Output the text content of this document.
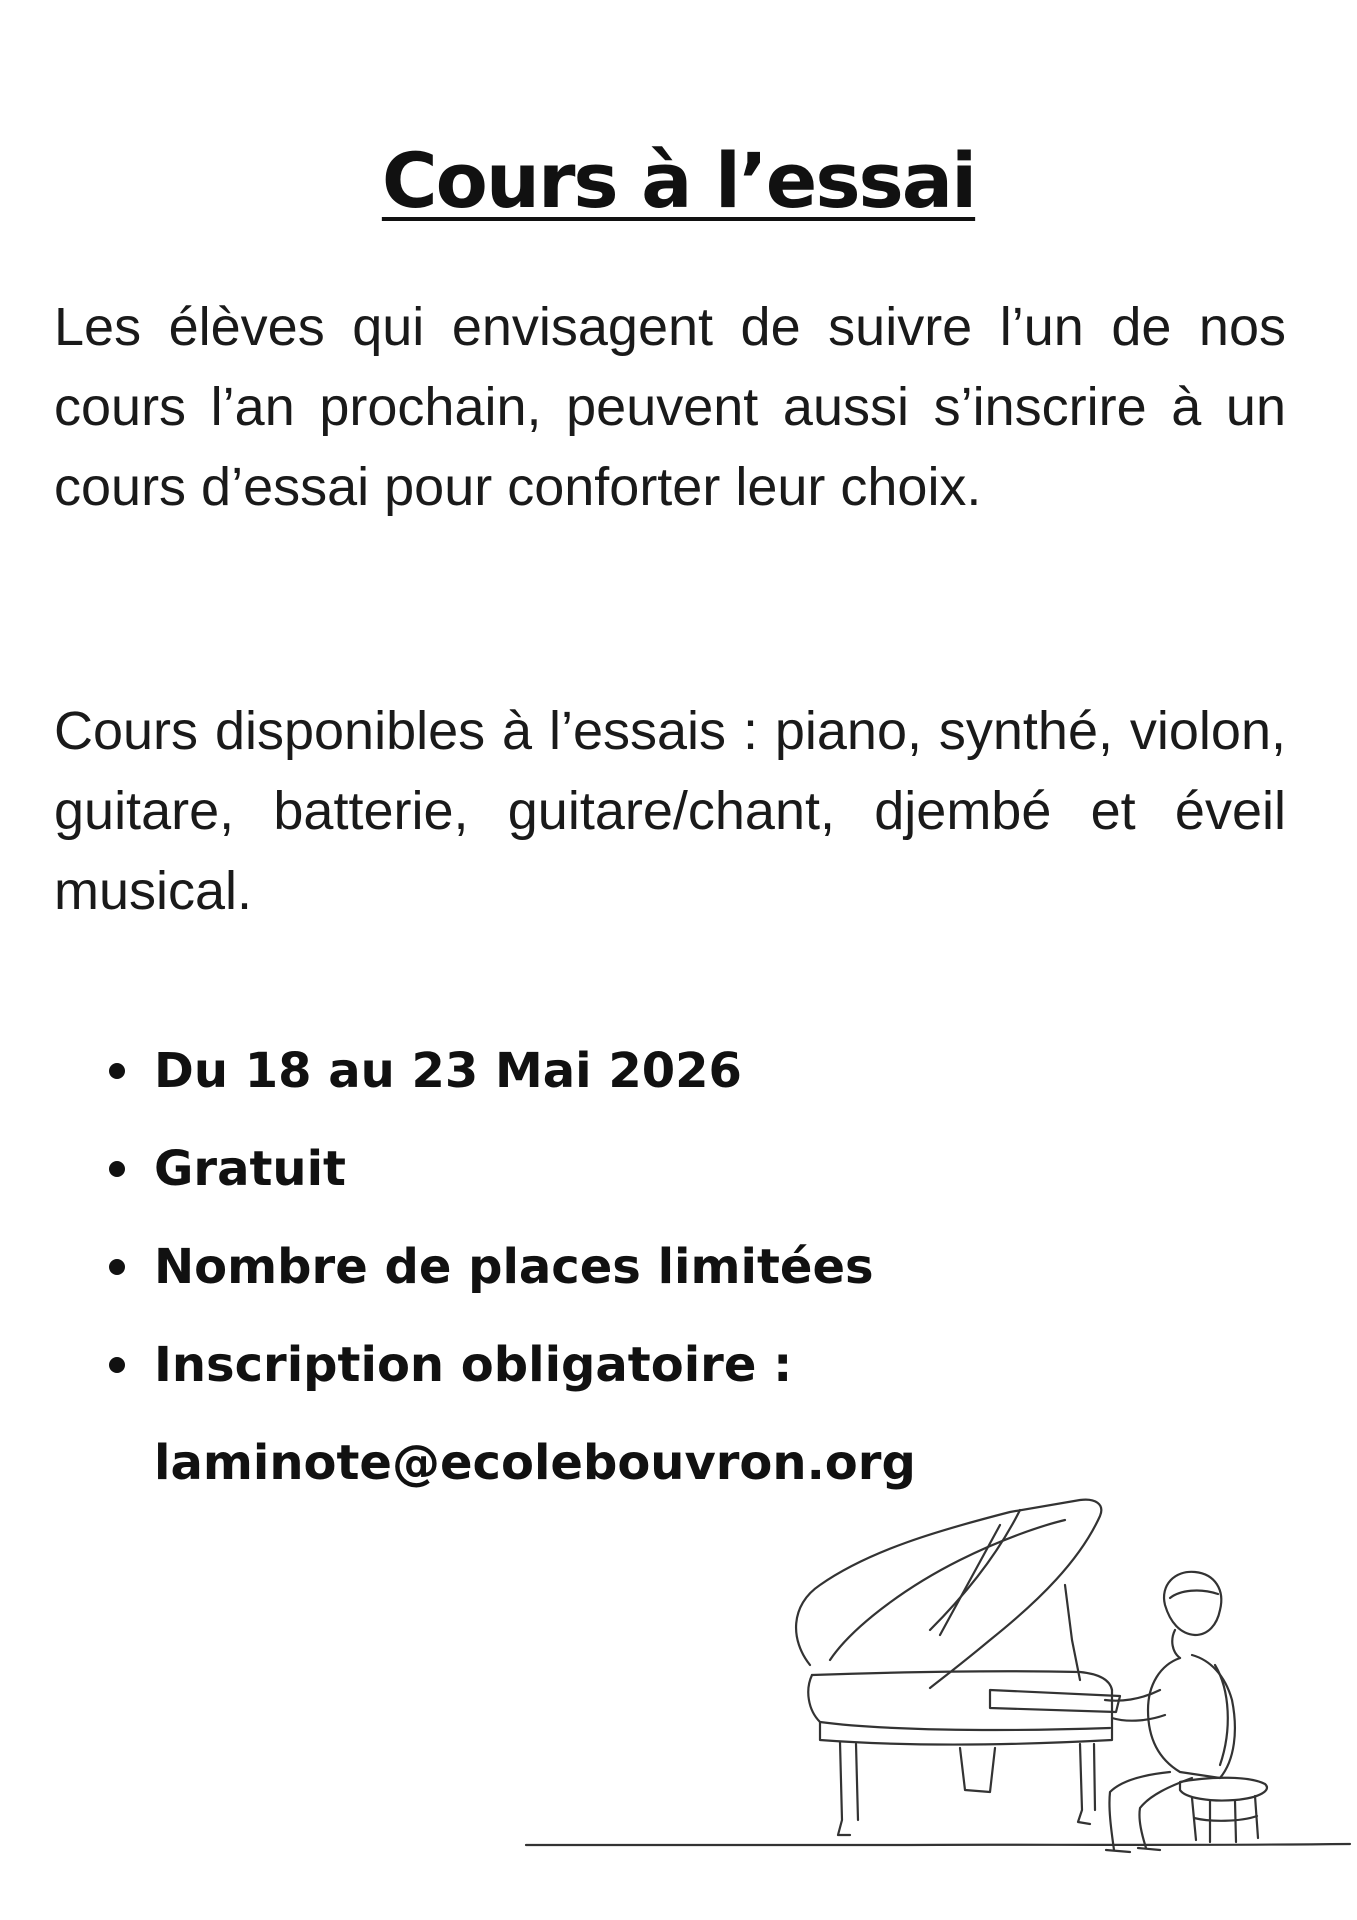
Cours à l’essai

Les élèves qui envisagent de suivre l’un de nos cours l’an prochain, peuvent aussi s’inscrire à un cours d’essai pour conforter leur choix.

Cours disponibles à l’essais : piano, synthé, violon, guitare, batterie, guitare/chant, djembé et éveil musical.

Du 18 au 23 Mai 2026
Gratuit
Nombre de places limitées
Inscription obligatoire :
laminote@ecolebouvron.org
